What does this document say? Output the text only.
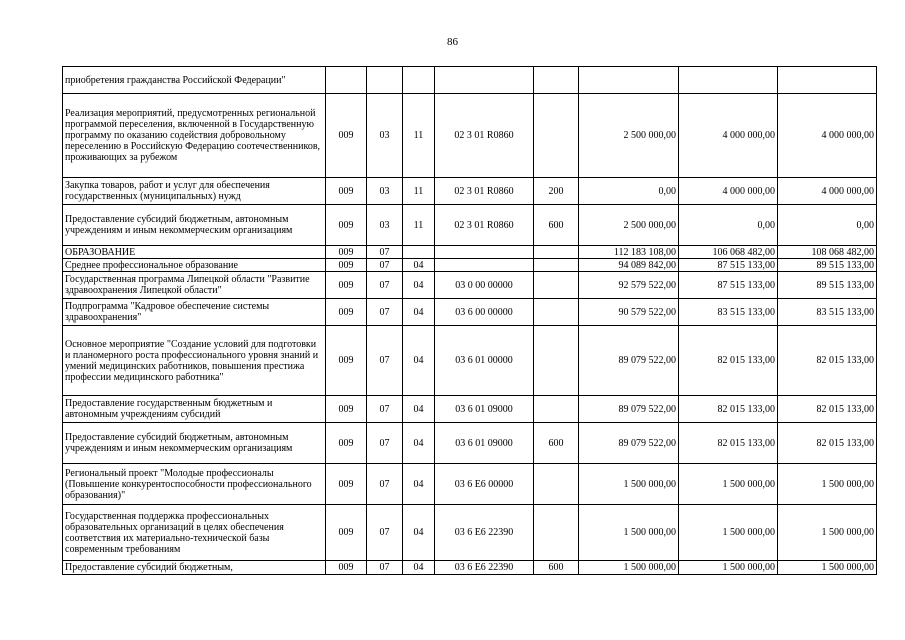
86
приобретения гражданства Российской Федерации"								
Реализация мероприятий, предусмотренных региональной программой переселения, включенной в Государственную программу по оказанию содействия добровольному переселению в Российскую Федерацию соотечественников, проживающих за рубежом	009	03	11	02 3 01 R0860		2 500 000,00	4 000 000,00	4 000 000,00
Закупка товаров, работ и услуг для обеспечения государственных (муниципальных) нужд	009	03	11	02 3 01 R0860	200	0,00	4 000 000,00	4 000 000,00
Предоставление субсидий бюджетным, автономным учреждениям и иным некоммерческим организациям	009	03	11	02 3 01 R0860	600	2 500 000,00	0,00	0,00
ОБРАЗОВАНИЕ	009	07				112 183 108,00	106 068 482,00	108 068 482,00
Среднее профессиональное образование	009	07	04			94 089 842,00	87 515 133,00	89 515 133,00
Государственная программа Липецкой области "Развитие здравоохранения Липецкой области"	009	07	04	03 0 00 00000		92 579 522,00	87 515 133,00	89 515 133,00
Подпрограмма "Кадровое обеспечение системы здравоохранения"	009	07	04	03 6 00 00000		90 579 522,00	83 515 133,00	83 515 133,00
Основное мероприятие "Создание условий для подготовки и планомерного роста профессионального уровня знаний и умений медицинских работников, повышения престижа профессии медицинского работника"	009	07	04	03 6 01 00000		89 079 522,00	82 015 133,00	82 015 133,00
Предоставление государственным бюджетным и автономным учреждениям субсидий	009	07	04	03 6 01 09000		89 079 522,00	82 015 133,00	82 015 133,00
Предоставление субсидий бюджетным, автономным учреждениям и иным некоммерческим организациям	009	07	04	03 6 01 09000	600	89 079 522,00	82 015 133,00	82 015 133,00
Региональный проект "Молодые профессионалы (Повышение конкурентоспособности профессионального образования)"	009	07	04	03 6 E6 00000		1 500 000,00	1 500 000,00	1 500 000,00
Государственная поддержка профессиональных образовательных организаций в целях обеспечения соответствия их материально-технической базы современным требованиям	009	07	04	03 6 E6 22390		1 500 000,00	1 500 000,00	1 500 000,00
Предоставление субсидий бюджетным,	009	07	04	03 6 E6 22390	600	1 500 000,00	1 500 000,00	1 500 000,00
